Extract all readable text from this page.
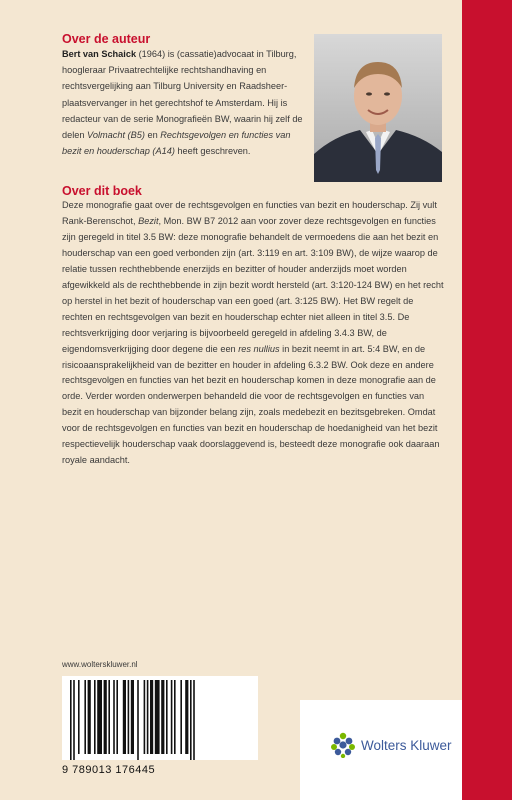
Over de auteur

Bert van Schaick (1964) is (cassatie)advocaat in Tilburg, hoogleraar Privaatrechtelijke rechtshandhaving en rechtsvergelijking aan Tilburg University en Raadsheer-plaatsvervanger in het gerechtshof te Amsterdam. Hij is redacteur van de serie Monografieën BW, waarin hij zelf de delen Volmacht (B5) en Rechtsgevolgen en functies van bezit en houderschap (A14) heeft geschreven.

Over dit boek

Deze monografie gaat over de rechtsgevolgen en functies van bezit en houderschap. Zij vult Rank-Berenschot, Bezit, Mon. BW B7 2012 aan voor zover deze rechtsgevolgen en functies zijn geregeld in titel 3.5 BW: deze monografie behandelt de vermoedens die aan het bezit en houderschap van een goed verbonden zijn (art. 3:119 en art. 3:109 BW), de wijze waarop de relatie tussen rechthebbende enerzijds en bezitter of houder anderzijds moet worden afgewikkeld als de rechthebbende in zijn bezit wordt hersteld (art. 3:120-124 BW) en het recht op herstel in het bezit of houderschap van een goed (art. 3:125 BW). Het BW regelt de rechten en rechtsgevolgen van bezit en houderschap echter niet alleen in titel 3.5. De rechtsverkrijging door verjaring is bijvoorbeeld geregeld in afdeling 3.4.3 BW, de eigendomsverkrijging door degene die een res nullius in bezit neemt in art. 5:4 BW, en de risicoaansprakelijkheid van de bezitter en houder in afdeling 6.3.2 BW. Ook deze en andere rechtsgevolgen en functies van het bezit en houderschap komen in deze monografie aan de orde. Verder worden onderwerpen behandeld die voor de rechtsgevolgen en functies van bezit en houderschap van bijzonder belang zijn, zoals medebezit en bezitsgebreken. Omdat voor de rechtsgevolgen en functies van bezit en houderschap de hoedanigheid van het bezit respectievelijk houderschap vaak doorslaggevend is, besteedt deze monografie ook daaraan royale aandacht.

www.wolterskluwer.nl
9 789013 176445
Wolters Kluwer
